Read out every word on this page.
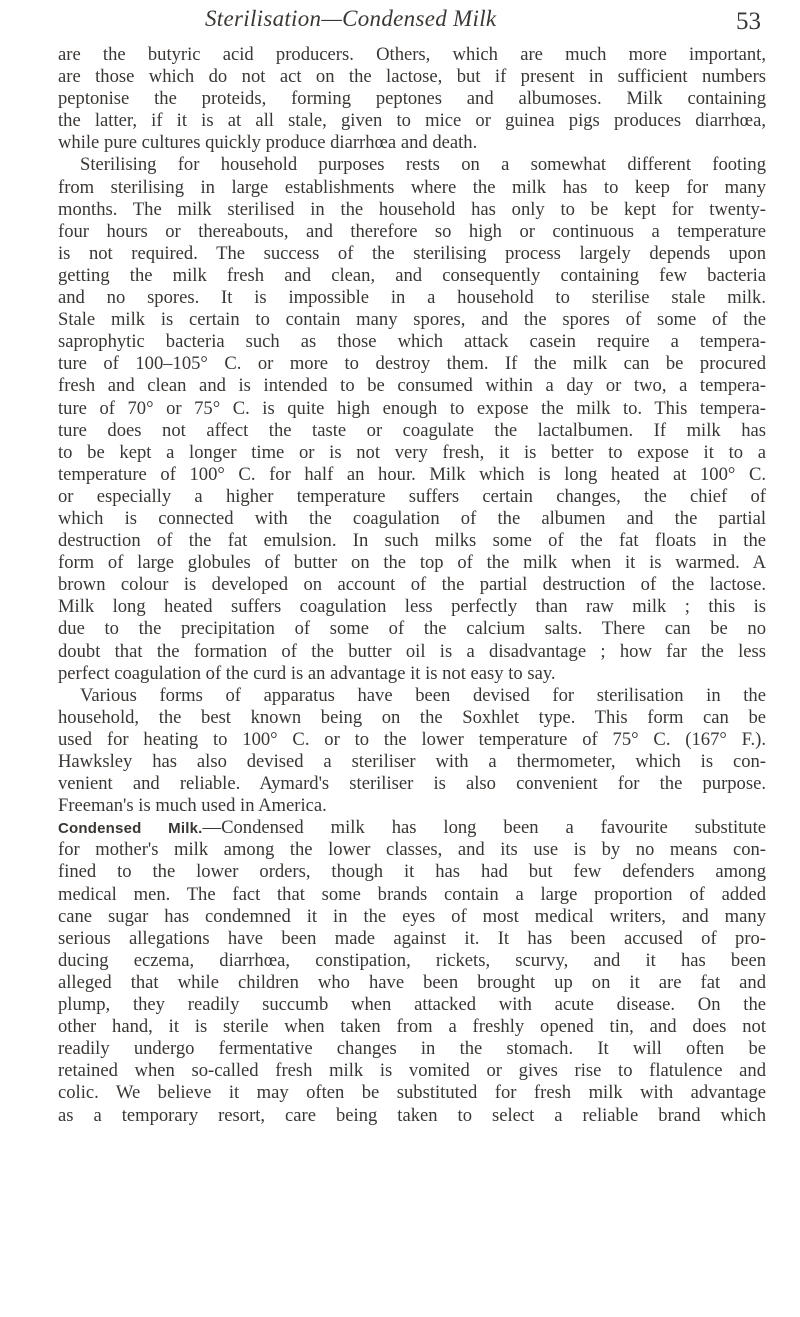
Sterilisation—Condensed Milk	53
are the butyric acid producers. Others, which are much more important,
are those which do not act on the lactose, but if present in sufficient numbers
peptonise the proteids, forming peptones and albumoses. Milk containing
the latter, if it is at all stale, given to mice or guinea pigs produces diarrhœa,
while pure cultures quickly produce diarrhœa and death.
Sterilising for household purposes rests on a somewhat different footing
from sterilising in large establishments where the milk has to keep for many
months. The milk sterilised in the household has only to be kept for twenty-
four hours or thereabouts, and therefore so high or continuous a temperature
is not required. The success of the sterilising process largely depends upon
getting the milk fresh and clean, and consequently containing few bacteria
and no spores. It is impossible in a household to sterilise stale milk.
Stale milk is certain to contain many spores, and the spores of some of the
saprophytic bacteria such as those which attack casein require a tempera-
ture of 100–105° C. or more to destroy them. If the milk can be procured
fresh and clean and is intended to be consumed within a day or two, a tempera-
ture of 70° or 75° C. is quite high enough to expose the milk to. This tempera-
ture does not affect the taste or coagulate the lactalbumen. If milk has
to be kept a longer time or is not very fresh, it is better to expose it to a
temperature of 100° C. for half an hour. Milk which is long heated at 100° C.
or especially a higher temperature suffers certain changes, the chief of
which is connected with the coagulation of the albumen and the partial
destruction of the fat emulsion. In such milks some of the fat floats in the
form of large globules of butter on the top of the milk when it is warmed. A
brown colour is developed on account of the partial destruction of the lactose.
Milk long heated suffers coagulation less perfectly than raw milk ; this is
due to the precipitation of some of the calcium salts. There can be no
doubt that the formation of the butter oil is a disadvantage ; how far the less
perfect coagulation of the curd is an advantage it is not easy to say.
Various forms of apparatus have been devised for sterilisation in the
household, the best known being on the Soxhlet type. This form can be
used for heating to 100° C. or to the lower temperature of 75° C. (167° F.).
Hawksley has also devised a steriliser with a thermometer, which is con-
venient and reliable. Aymard's steriliser is also convenient for the purpose.
Freeman's is much used in America.
Condensed Milk.—Condensed milk has long been a favourite substitute
for mother's milk among the lower classes, and its use is by no means con-
fined to the lower orders, though it has had but few defenders among
medical men. The fact that some brands contain a large proportion of added
cane sugar has condemned it in the eyes of most medical writers, and many
serious allegations have been made against it. It has been accused of pro-
ducing eczema, diarrhœa, constipation, rickets, scurvy, and it has been
alleged that while children who have been brought up on it are fat and
plump, they readily succumb when attacked with acute disease. On the
other hand, it is sterile when taken from a freshly opened tin, and does not
readily undergo fermentative changes in the stomach. It will often be
retained when so-called fresh milk is vomited or gives rise to flatulence and
colic. We believe it may often be substituted for fresh milk with advantage
as a temporary resort, care being taken to select a reliable brand which
